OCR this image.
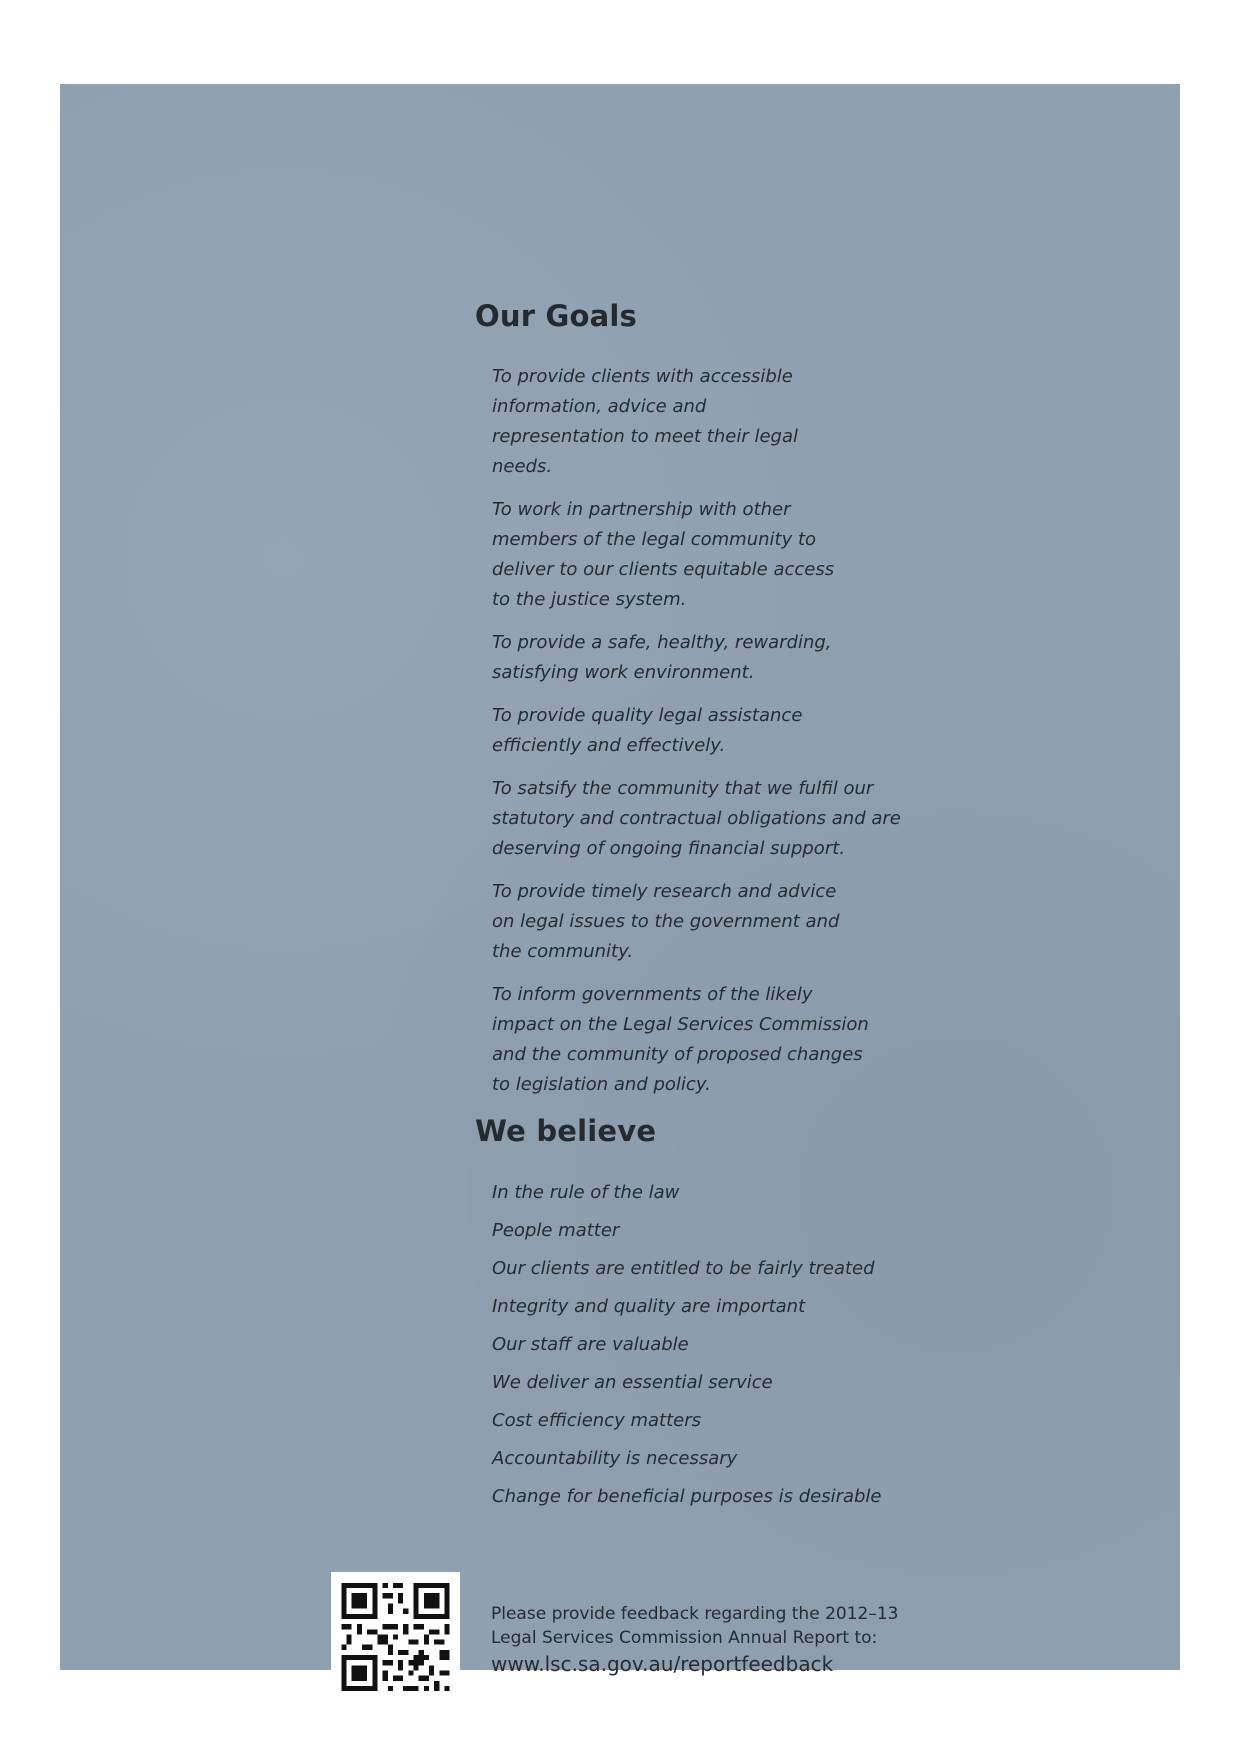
Our Goals
To provide clients with accessible information, advice and representation to meet their legal needs.
To work in partnership with other members of the legal community to deliver to our clients equitable access to the justice system.
To provide a safe, healthy, rewarding, satisfying work environment.
To provide quality legal assistance efficiently and effectively.
To satsify the community that we fulfil our statutory and contractual obligations and are deserving of ongoing financial support.
To provide timely research and advice on legal issues to the government and the community.
To inform governments of the likely impact on the Legal Services Commission and the community of proposed changes to legislation and policy.
We believe
In the rule of the law
People matter
Our clients are entitled to be fairly treated
Integrity and quality are important
Our staff are valuable
We deliver an essential service
Cost efficiency matters
Accountability is necessary
Change for beneficial purposes is desirable
Please provide feedback regarding the 2012–13
Legal Services Commission Annual Report to:
www.lsc.sa.gov.au/reportfeedback
